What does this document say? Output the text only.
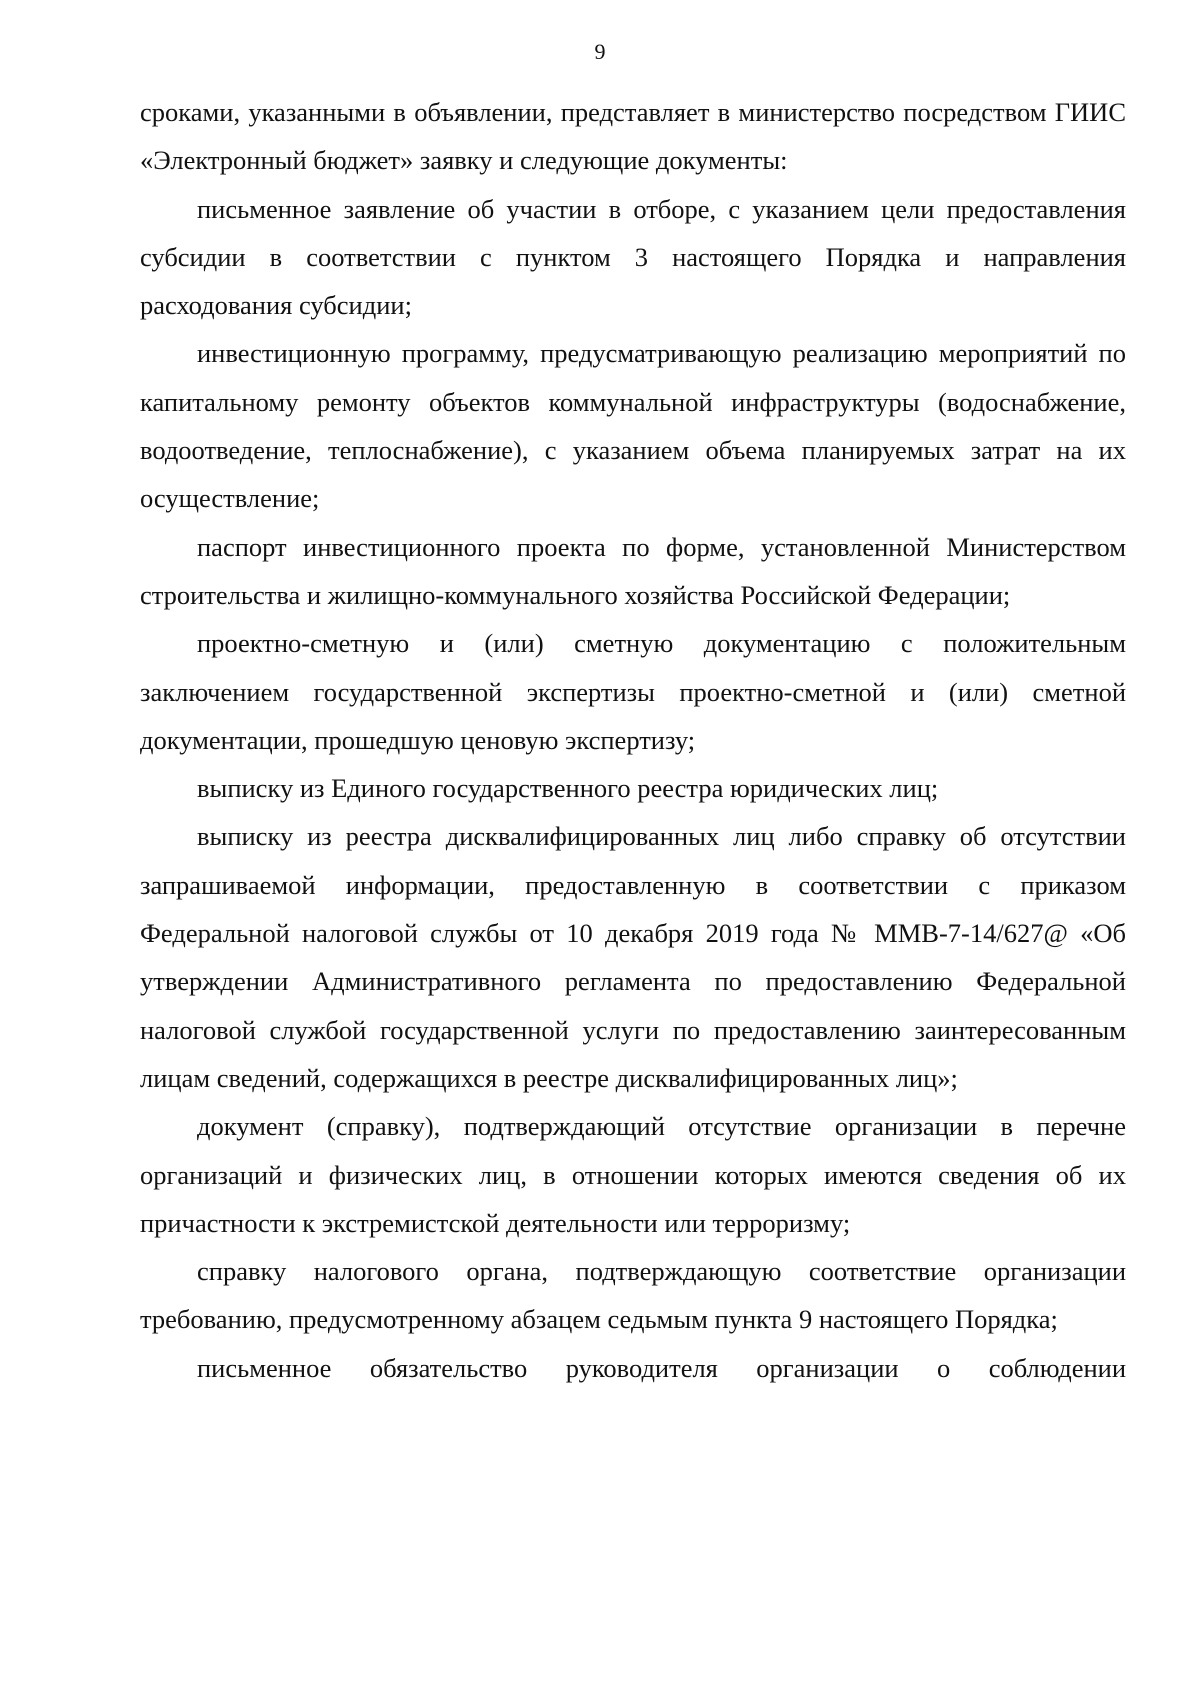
9

сроками, указанными в объявлении, представляет в министерство посредством ГИИС «Электронный бюджет» заявку и следующие документы:

письменное заявление об участии в отборе, с указанием цели предоставления субсидии в соответствии с пунктом 3 настоящего Порядка и направления расходования субсидии;

инвестиционную программу, предусматривающую реализацию мероприятий по капитальному ремонту объектов коммунальной инфраструктуры (водоснабжение, водоотведение, теплоснабжение), с указанием объема планируемых затрат на их осуществление;

паспорт инвестиционного проекта по форме, установленной Министерством строительства и жилищно-коммунального хозяйства Российской Федерации;

проектно-сметную и (или) сметную документацию с положительным заключением государственной экспертизы проектно-сметной и (или) сметной документации, прошедшую ценовую экспертизу;

выписку из Единого государственного реестра юридических лиц;

выписку из реестра дисквалифицированных лиц либо справку об отсутствии запрашиваемой информации, предоставленную в соответствии с приказом Федеральной налоговой службы от 10 декабря 2019 года № ММВ-7-14/627@ «Об утверждении Административного регламента по предоставлению Федеральной налоговой службой государственной услуги по предоставлению заинтересованным лицам сведений, содержащихся в реестре дисквалифицированных лиц»;

документ (справку), подтверждающий отсутствие организации в перечне организаций и физических лиц, в отношении которых имеются сведения об их причастности к экстремистской деятельности или терроризму;

справку налогового органа, подтверждающую соответствие организации требованию, предусмотренному абзацем седьмым пункта 9 настоящего Порядка;

письменное обязательство руководителя организации о соблюдении
